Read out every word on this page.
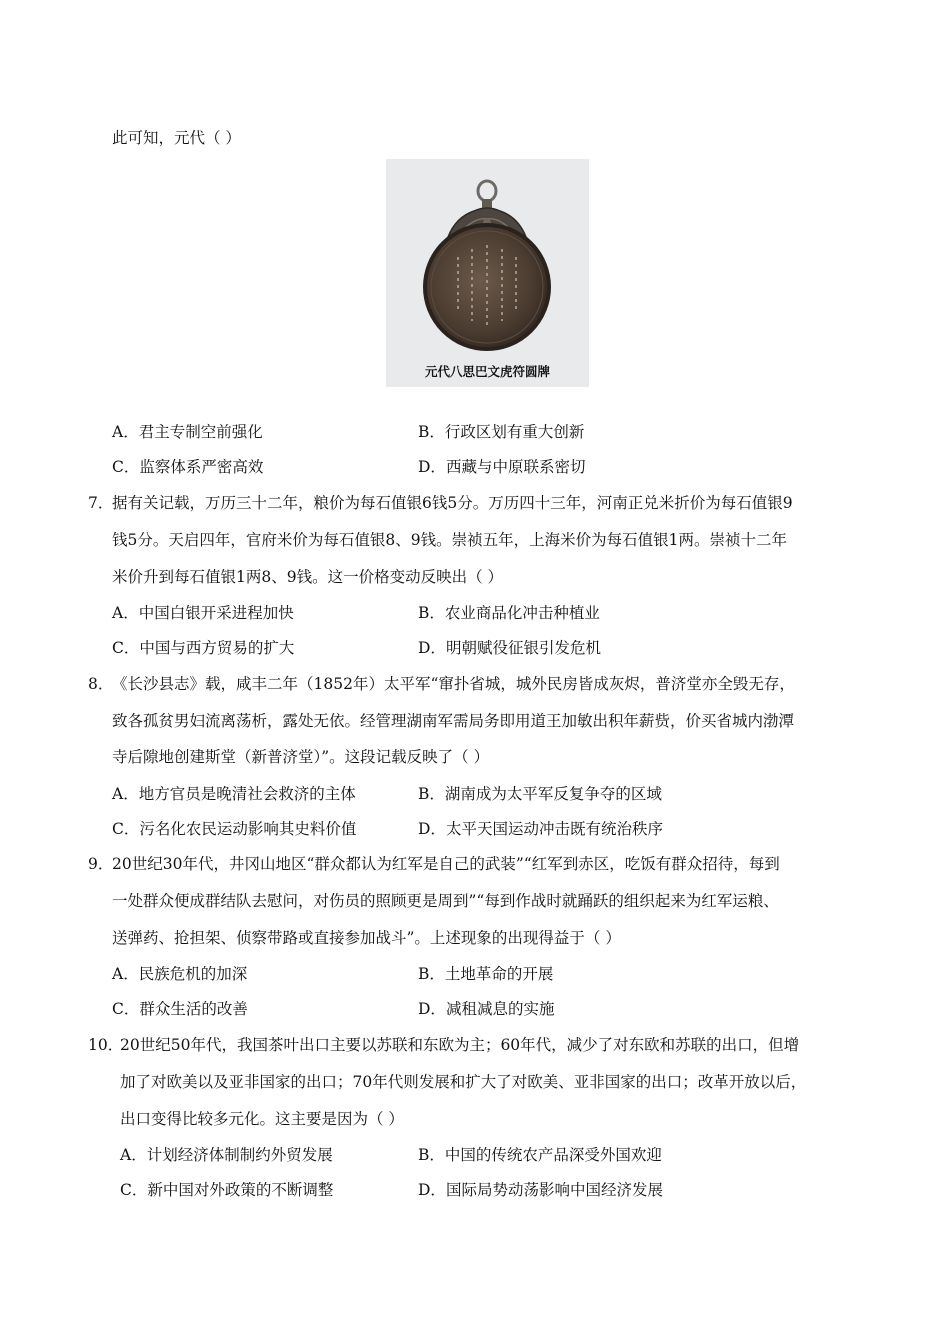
此可知，元代（ ）
元代八思巴文虎符圆牌
A．君主专制空前强化	B．行政区划有重大创新
C．监察体系严密高效	D．西藏与中原联系密切
7．
据有关记载，万历三十二年，粮价为每石值银6钱5分。万历四十三年，河南正兑米折价为每石值银9
钱5分。天启四年，官府米价为每石值银8、9钱。崇祯五年，上海米价为每石值银1两。崇祯十二年
米价升到每石值银1两8、9钱。这一价格变动反映出（ ）
A．中国白银开采进程加快	B．农业商品化冲击种植业
C．中国与西方贸易的扩大	D．明朝赋役征银引发危机
8．
《长沙县志》载，咸丰二年（1852年）太平军“窜扑省城，城外民房皆成灰烬，普济堂亦全毁无存，
致各孤贫男妇流离荡析，露处无依。经管理湖南军需局务即用道王加敏出积年薪赀，价买省城内渤潭
寺后隙地创建斯堂（新普济堂）”。这段记载反映了（ ）
A．地方官员是晚清社会救济的主体	B．湖南成为太平军反复争夺的区域
C．污名化农民运动影响其史料价值	D．太平天国运动冲击既有统治秩序
9．
20世纪30年代，井冈山地区“群众都认为红军是自己的武装”“红军到赤区，吃饭有群众招待，每到
一处群众便成群结队去慰问，对伤员的照顾更是周到”“每到作战时就踊跃的组织起来为红军运粮、
送弹药、抢担架、侦察带路或直接参加战斗”。上述现象的出现得益于（ ）
A．民族危机的加深	B．土地革命的开展
C．群众生活的改善	D．减租减息的实施
10．
20世纪50年代，我国茶叶出口主要以苏联和东欧为主；60年代，减少了对东欧和苏联的出口，但增
加了对欧美以及亚非国家的出口；70年代则发展和扩大了对欧美、亚非国家的出口；改革开放以后，
出口变得比较多元化。这主要是因为（ ）
A．计划经济体制制约外贸发展	B．中国的传统农产品深受外国欢迎
C．新中国对外政策的不断调整	D．国际局势动荡影响中国经济发展
